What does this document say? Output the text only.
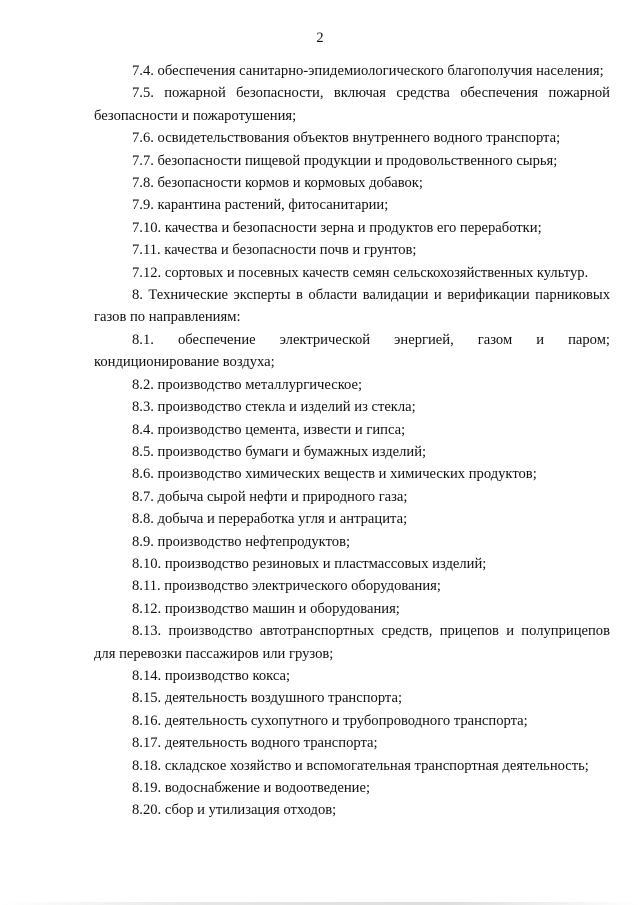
2

7.4. обеспечения санитарно-эпидемиологического благополучия населения;

7.5. пожарной безопасности, включая средства обеспечения пожарной безопасности и пожаротушения;

7.6. освидетельствования объектов внутреннего водного транспорта;

7.7. безопасности пищевой продукции и продовольственного сырья;

7.8. безопасности кормов и кормовых добавок;

7.9. карантина растений, фитосанитарии;

7.10. качества и безопасности зерна и продуктов его переработки;

7.11. качества и безопасности почв и грунтов;

7.12. сортовых и посевных качеств семян сельскохозяйственных культур.

8. Технические эксперты в области валидации и верификации парниковых газов по направлениям:

8.1. обеспечение электрической энергией, газом и паром; кондиционирование воздуха;

8.2. производство металлургическое;

8.3. производство стекла и изделий из стекла;

8.4. производство цемента, извести и гипса;

8.5. производство бумаги и бумажных изделий;

8.6. производство химических веществ и химических продуктов;

8.7. добыча сырой нефти и природного газа;

8.8. добыча и переработка угля и антрацита;

8.9. производство нефтепродуктов;

8.10. производство резиновых и пластмассовых изделий;

8.11. производство электрического оборудования;

8.12. производство машин и оборудования;

8.13. производство автотранспортных средств, прицепов и полуприцепов для перевозки пассажиров или грузов;

8.14. производство кокса;

8.15. деятельность воздушного транспорта;

8.16. деятельность сухопутного и трубопроводного транспорта;

8.17. деятельность водного транспорта;

8.18. складское хозяйство и вспомогательная транспортная деятельность;

8.19. водоснабжение и водоотведение;

8.20. сбор и утилизация отходов;
